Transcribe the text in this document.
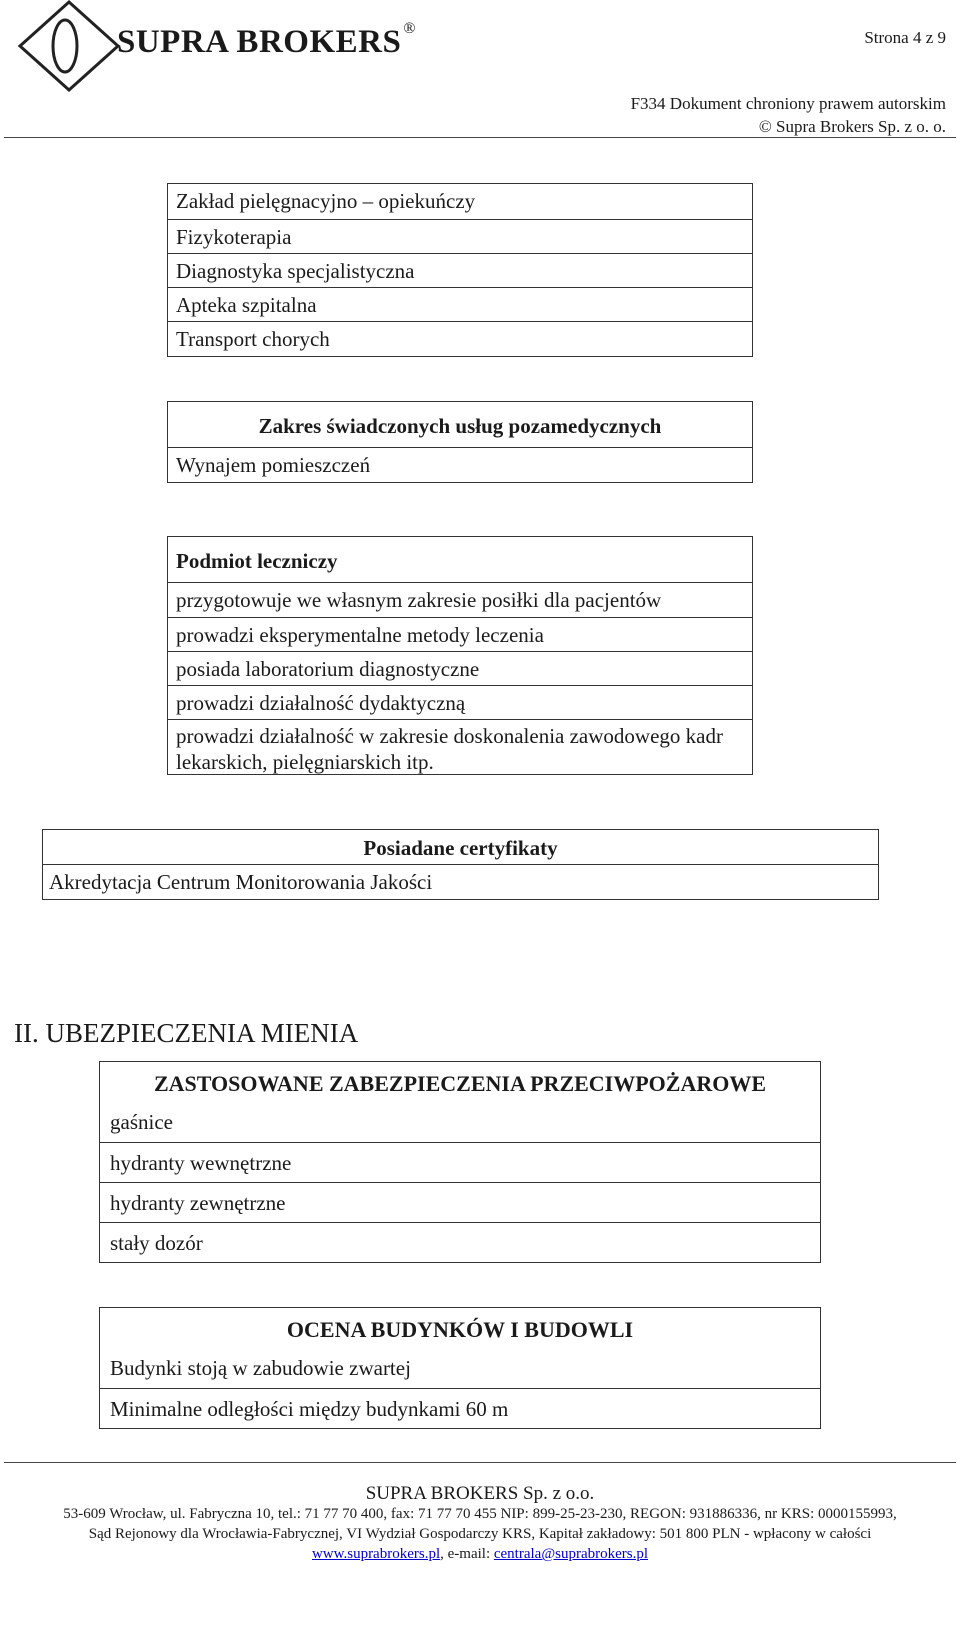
SUPRA BROKERS ®	Strona 4 z 9
F334 Dokument chroniony prawem autorskim
© Supra Brokers Sp. z o. o.
Zakład pielęgnacyjno – opiekuńczy
Fizykoterapia
Diagnostyka specjalistyczna
Apteka szpitalna
Transport chorych
Zakres świadczonych usług pozamedycznych
Wynajem pomieszczeń
Podmiot leczniczy
przygotowuje we własnym zakresie posiłki dla pacjentów
prowadzi eksperymentalne metody leczenia
posiada laboratorium diagnostyczne
prowadzi działalność dydaktyczną
prowadzi działalność w zakresie doskonalenia zawodowego kadr lekarskich, pielęgniarskich itp.
Posiadane certyfikaty
Akredytacja Centrum Monitorowania Jakości
II. UBEZPIECZENIA MIENIA
ZASTOSOWANE ZABEZPIECZENIA PRZECIWPOŻAROWE
gaśnice
hydranty wewnętrzne
hydranty zewnętrzne
stały dozór
OCENA BUDYNKÓW I BUDOWLI
Budynki stoją w zabudowie zwartej
Minimalne odległości między budynkami 60 m
SUPRA BROKERS Sp. z o.o.
53-609 Wrocław, ul. Fabryczna 10, tel.: 71 77 70 400, fax: 71 77 70 455 NIP: 899-25-23-230, REGON: 931886336, nr KRS: 0000155993,
Sąd Rejonowy dla Wrocławia-Fabrycznej, VI Wydział Gospodarczy KRS, Kapitał zakładowy: 501 800 PLN - wpłacony w całości
www.suprabrokers.pl, e-mail: centrala@suprabrokers.pl
